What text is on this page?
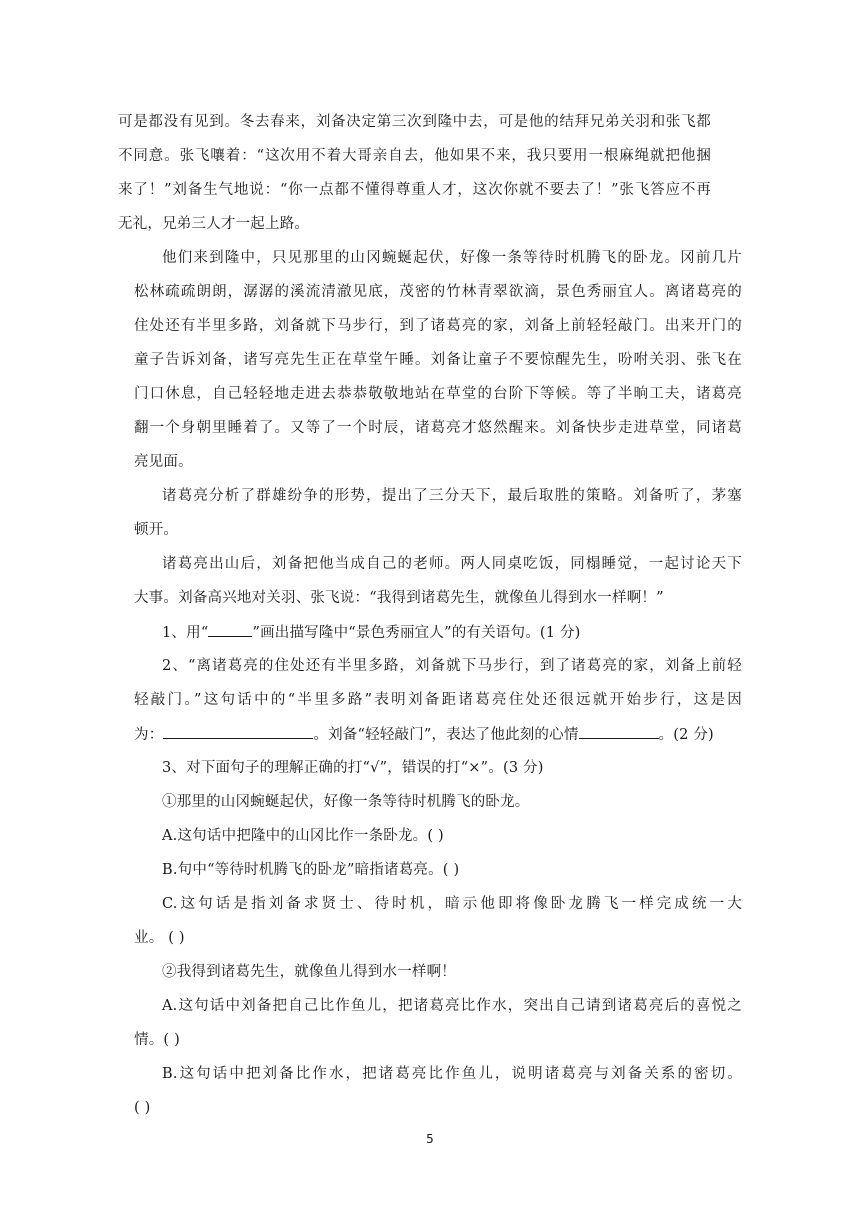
可是都没有见到。冬去春来，刘备决定第三次到隆中去，可是他的结拜兄弟关羽和张飞都
不同意。张飞嚷着：“这次用不着大哥亲自去，他如果不来，我只要用一根麻绳就把他捆
来了！”刘备生气地说：“你一点都不懂得尊重人才，这次你就不要去了！”张飞答应不再
无礼，兄弟三人才一起上路。
他们来到隆中，只见那里的山冈蜿蜒起伏，好像一条等待时机腾飞的卧龙。冈前几片
松林疏疏朗朗，潺潺的溪流清澈见底，茂密的竹林青翠欲滴，景色秀丽宜人。离诸葛亮的
住处还有半里多路，刘备就下马步行，到了诸葛亮的家，刘备上前轻轻敲门。出来开门的
童子告诉刘备，诸写亮先生正在草堂午睡。刘备让童子不要惊醒先生，吩咐关羽、张飞在
门口休息，自己轻轻地走进去恭恭敬敬地站在草堂的台阶下等候。等了半晌工夫，诸葛亮
翻一个身朝里睡着了。又等了一个时辰，诸葛亮才悠然醒来。刘备快步走进草堂，同诸葛
亮见面。
诸葛亮分析了群雄纷争的形势，提出了三分天下，最后取胜的策略。刘备听了，茅塞
顿开。
诸葛亮出山后，刘备把他当成自己的老师。两人同桌吃饭，同榻睡觉，一起讨论天下
大事。刘备高兴地对关羽、张飞说：“我得到诸葛先生，就像鱼儿得到水一样啊！”
1、用“	”画出描写隆中“景色秀丽宜人”的有关语句。(1 分)
2、“离诸葛亮的住处还有半里多路，刘备就下马步行，到了诸葛亮的家，刘备上前轻
轻敲门。”这句话中的“半里多路”表明刘备距诸葛亮住处还很远就开始步行，这是因
为：	。刘备“轻轻敲门”，表达了他此刻的心情	。(2 分)
3、对下面句子的理解正确的打“√”，错误的打“×”。(3 分)
①那里的山冈蜿蜒起伏，好像一条等待时机腾飞的卧龙。
A.这句话中把隆中的山冈比作一条卧龙。( )
B.句中“等待时机腾飞的卧龙”暗指诸葛亮。( )
C.这句话是指刘备求贤士、待时机，暗示他即将像卧龙腾飞一样完成统一大
业。 ( )
②我得到诸葛先生，就像鱼儿得到水一样啊！
A.这句话中刘备把自己比作鱼儿，把诸葛亮比作水，突出自己请到诸葛亮后的喜悦之
情。( )
B.这句话中把刘备比作水，把诸葛亮比作鱼儿，说明诸葛亮与刘备关系的密切。
( )
5
